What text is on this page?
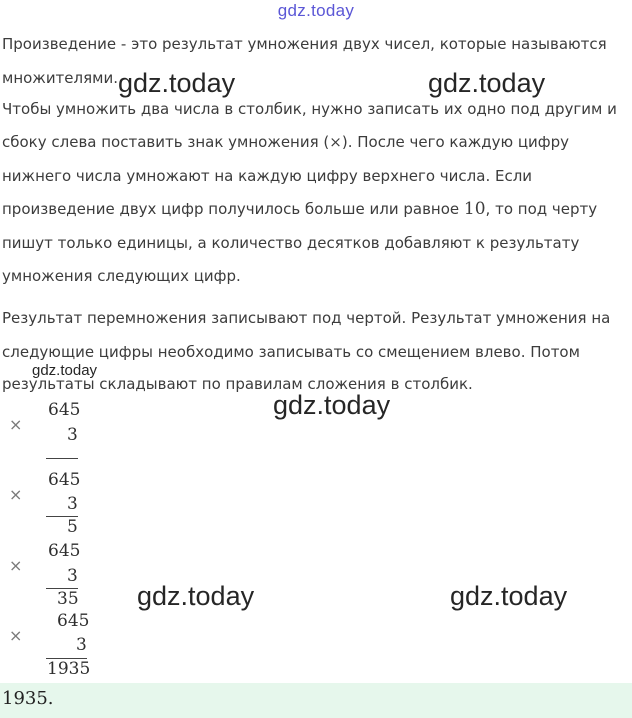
gdz.today
Произведение - это результат умножения двух чисел, которые называются
множителями.
Чтобы умножить два числа в столбик, нужно записать их одно под другим и
сбоку слева поставить знак умножения (×). После чего каждую цифру
нижнего числа умножают на каждую цифру верхнего числа. Если
произведение двух цифр получилось больше или равное 10, то под черту
пишут только единицы, а количество десятков добавляют к результату
умножения следующих цифр.
Результат перемножения записывают под чертой. Результат умножения на
следующие цифры необходимо записывать со смещением влево. Потом
результаты складывают по правилам сложения в столбик.
gdz.today	gdz.today
gdz.today
gdz.today
gdz.today	gdz.today
×
645
3
×
645
3
5
×
645
3
35
×
645
3
1935
1935.
